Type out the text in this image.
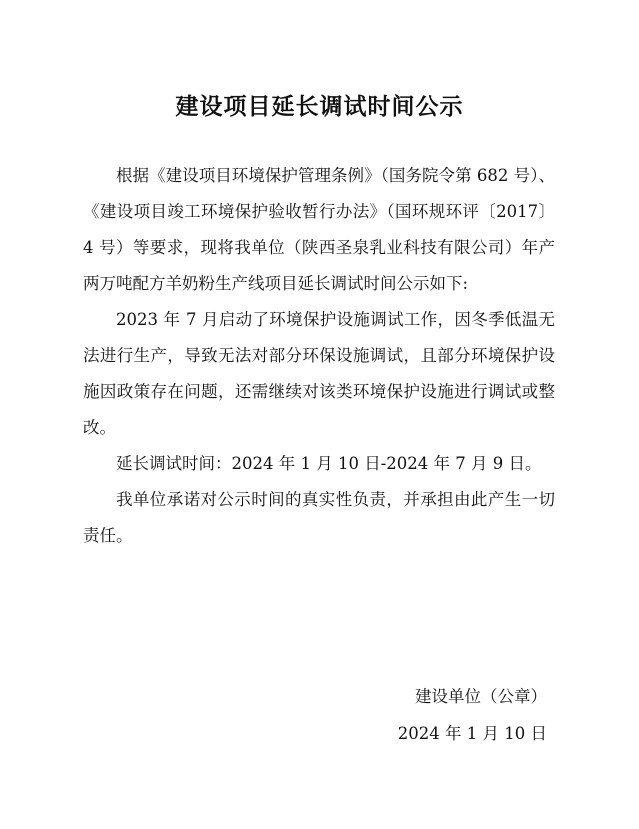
建设项目延长调试时间公示

根据《建设项目环境保护管理条例》（国务院令第 682 号）、《建设项目竣工环境保护验收暂行办法》（国环规环评〔2017〕4 号）等要求，现将我单位（陕西圣泉乳业科技有限公司）年产两万吨配方羊奶粉生产线项目延长调试时间公示如下:

2023 年 7 月启动了环境保护设施调试工作，因冬季低温无法进行生产，导致无法对部分环保设施调试，且部分环境保护设施因政策存在问题，还需继续对该类环境保护设施进行调试或整改。

延长调试时间：2024 年 1 月 10 日-2024 年 7 月 9 日。

我单位承诺对公示时间的真实性负责，并承担由此产生一切责任。

建设单位（公章）
2024 年 1 月 10 日
